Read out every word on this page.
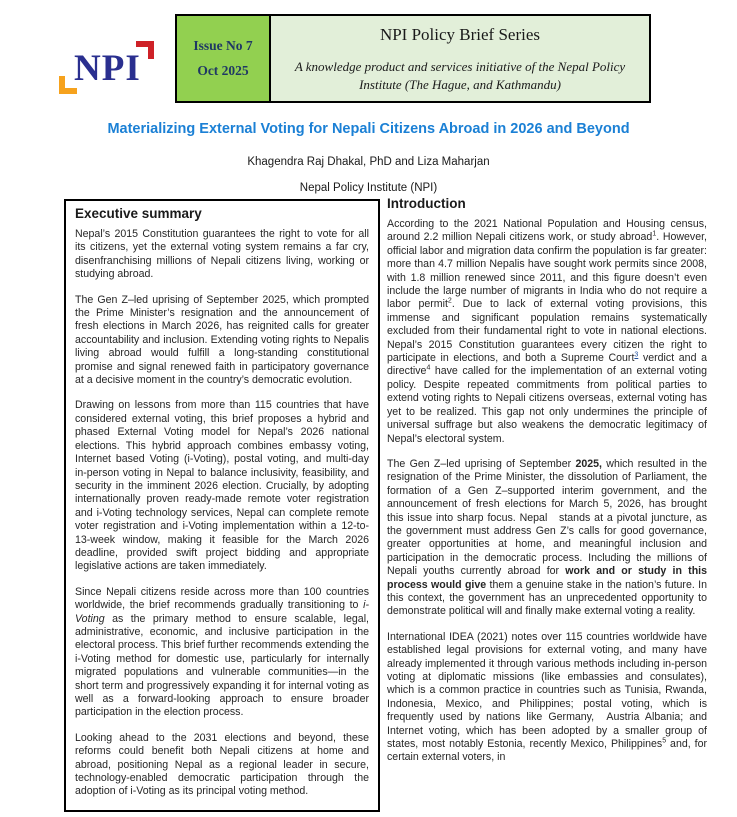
NPI
Issue No 7
Oct 2025
NPI Policy Brief Series
A knowledge product and services initiative of the Nepal Policy Institute (The Hague, and Kathmandu)
Materializing External Voting for Nepali Citizens Abroad in 2026 and Beyond
Khagendra Raj Dhakal, PhD and Liza Maharjan
Nepal Policy Institute (NPI)
Executive summary

Nepal’s 2015 Constitution guarantees the right to vote for all its citizens, yet the external voting system remains a far cry, disenfranchising millions of Nepali citizens living, working or studying abroad.

The Gen Z–led uprising of September 2025, which prompted the Prime Minister’s resignation and the announcement of fresh elections in March 2026, has reignited calls for greater accountability and inclusion. Extending voting rights to Nepalis living abroad would fulfill a long-standing constitutional promise and signal renewed faith in participatory governance at a decisive moment in the country’s democratic evolution.

Drawing on lessons from more than 115 countries that have considered external voting, this brief proposes a hybrid and phased External Voting model for Nepal’s 2026 national elections. This hybrid approach combines embassy voting, Internet based Voting (i-Voting), postal voting, and multi-day in-person voting in Nepal to balance inclusivity, feasibility, and security in the imminent 2026 election. Crucially, by adopting internationally proven ready-made remote voter registration and i-Voting technology services, Nepal can complete remote voter registration and i-Voting implementation within a 12-to-13-week window, making it feasible for the March 2026 deadline, provided swift project bidding and appropriate legislative actions are taken immediately.

Since Nepali citizens reside across more than 100 countries worldwide, the brief recommends gradually transitioning to i-Voting as the primary method to ensure scalable, legal, administrative, economic, and inclusive participation in the electoral process. This brief further recommends extending the i-Voting method for domestic use, particularly for internally migrated populations and vulnerable communities—in the short term and progressively expanding it for internal voting as well as a forward-looking approach to ensure broader participation in the election process.

Looking ahead to the 2031 elections and beyond, these reforms could benefit both Nepali citizens at home and abroad, positioning Nepal as a regional leader in secure, technology-enabled democratic participation through the adoption of i-Voting as its principal voting method.

Introduction

According to the 2021 National Population and Housing census, around 2.2 million Nepali citizens work, or study abroad$^1$. However, official labor and migration data confirm the population is far greater: more than 4.7 million Nepalis have sought work permits since 2008, with 1.8 million renewed since 2011, and this figure doesn’t even include the large number of migrants in India who do not require a labor permit$^2$. Due to lack of external voting provisions, this immense and significant population remains systematically excluded from their fundamental right to vote in national elections. Nepal’s 2015 Constitution guarantees every citizen the right to participate in elections, and both a Supreme Court$^3$ verdict and a directive$^4$ have called for the implementation of an external voting policy. Despite repeated commitments from political parties to extend voting rights to Nepali citizens overseas, external voting has yet to be realized. This gap not only undermines the principle of universal suffrage but also weakens the democratic legitimacy of Nepal’s electoral system.

The Gen Z–led uprising of September 2025, which resulted in the resignation of the Prime Minister, the dissolution of Parliament, the formation of a Gen Z–supported interim government, and the announcement of fresh elections for March 5, 2026, has brought this issue into sharp focus. Nepal   stands at a pivotal juncture, as the government must address Gen Z’s calls for good governance, greater opportunities at home, and meaningful inclusion and participation in the democratic process. Including the millions of Nepali youths currently abroad for work and or study in this process would give them a genuine stake in the nation’s future. In this context, the government has an unprecedented opportunity to demonstrate political will and finally make external voting a reality.

International IDEA (2021) notes over 115 countries worldwide have established legal provisions for external voting, and many have already implemented it through various methods including in-person voting at diplomatic missions (like embassies and consulates), which is a common practice in countries such as Tunisia, Rwanda, Indonesia, Mexico, and Philippines; postal voting, which is frequently used by nations like Germany,  Austria Albania; and Internet voting, which has been adopted by a smaller group of states, most notably Estonia, recently Mexico, Philippines$^5$ and, for certain external voters, in
